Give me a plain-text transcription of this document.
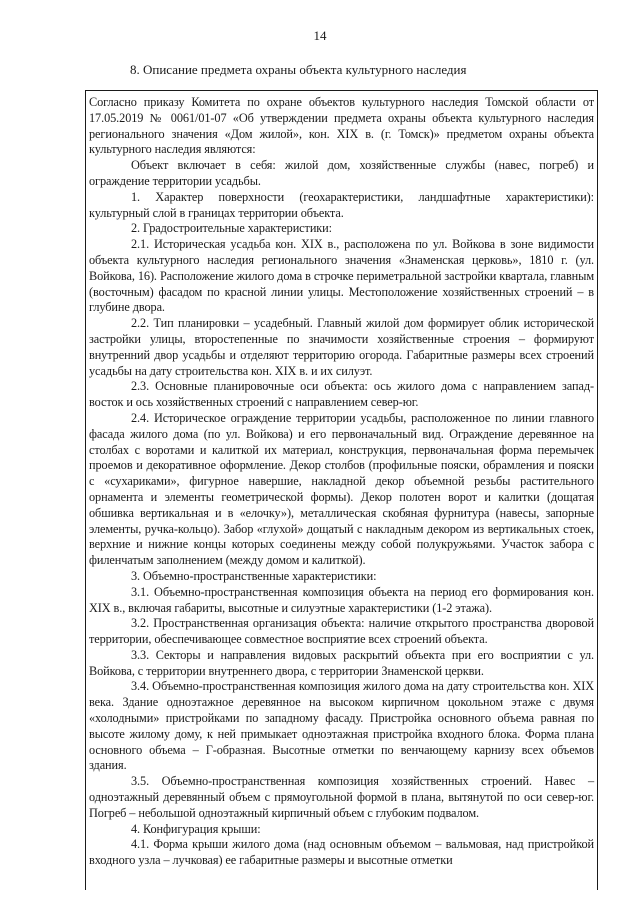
14
8. Описание предмета охраны объекта культурного наследия

Согласно приказу Комитета по охране объектов культурного наследия Томской области от 17.05.2019 № 0061/01-07 «Об утверждении предмета охраны объекта культурного наследия регионального значения «Дом жилой», кон. XIX в. (г. Томск)» предметом охраны объекта культурного наследия являются:

Объект включает в себя: жилой дом, хозяйственные службы (навес, погреб) и ограждение территории усадьбы.

1. Характер поверхности (геохарактеристики, ландшафтные характеристики): культурный слой в границах территории объекта.

2. Градостроительные характеристики:

2.1. Историческая усадьба кон. XIX в., расположена по ул. Войкова в зоне видимости объекта культурного наследия регионального значения «Знаменская церковь», 1810 г. (ул. Войкова, 16). Расположение жилого дома в строчке периметральной застройки квартала, главным (восточным) фасадом по красной линии улицы. Местоположение хозяйственных строений – в глубине двора.

2.2. Тип планировки – усадебный. Главный жилой дом формирует облик исторической застройки улицы, второстепенные по значимости хозяйственные строения – формируют внутренний двор усадьбы и отделяют территорию огорода. Габаритные размеры всех строений усадьбы на дату строительства кон. XIX в. и их силуэт.

2.3. Основные планировочные оси объекта: ось жилого дома с направлением запад-восток и ось хозяйственных строений с направлением север-юг.

2.4. Историческое ограждение территории усадьбы, расположенное по линии главного фасада жилого дома (по ул. Войкова) и его первоначальный вид. Ограждение деревянное на столбах с воротами и калиткой их материал, конструкция, первоначальная форма перемычек проемов и декоративное оформление. Декор столбов (профильные пояски, обрамления и пояски с «сухариками», фигурное навершие, накладной декор объемной резьбы растительного орнамента и элементы геометрической формы). Декор полотен ворот и калитки (дощатая обшивка вертикальная и в «елочку»), металлическая скобяная фурнитура (навесы, запорные элементы, ручка-кольцо). Забор «глухой» дощатый с накладным декором из вертикальных стоек, верхние и нижние концы которых соединены между собой полукружьями. Участок забора с филенчатым заполнением (между домом и калиткой).

3. Объемно-пространственные характеристики:

3.1. Объемно-пространственная композиция объекта на период его формирования кон. XIX в., включая габариты, высотные и силуэтные характеристики (1-2 этажа).

3.2. Пространственная организация объекта: наличие открытого пространства дворовой территории, обеспечивающее совместное восприятие всех строений объекта.

3.3. Секторы и направления видовых раскрытий объекта при его восприятии с ул. Войкова, с территории внутреннего двора, с территории Знаменской церкви.

3.4. Объемно-пространственная композиция жилого дома на дату строительства кон. XIX века. Здание одноэтажное деревянное на высоком кирпичном цокольном этаже с двумя «холодными» пристройками по западному фасаду. Пристройка основного объема равная по высоте жилому дому, к ней примыкает одноэтажная пристройка входного блока. Форма плана основного объема – Г-образная. Высотные отметки по венчающему карнизу всех объемов здания.

3.5. Объемно-пространственная композиция хозяйственных строений. Навес – одноэтажный деревянный объем с прямоугольной формой в плана, вытянутой по оси север-юг. Погреб – небольшой одноэтажный кирпичный объем с глубоким подвалом.

4. Конфигурация крыши:

4.1. Форма крыши жилого дома (над основным объемом – вальмовая, над пристройкой входного узла – лучковая) ее габаритные размеры и высотные отметки
